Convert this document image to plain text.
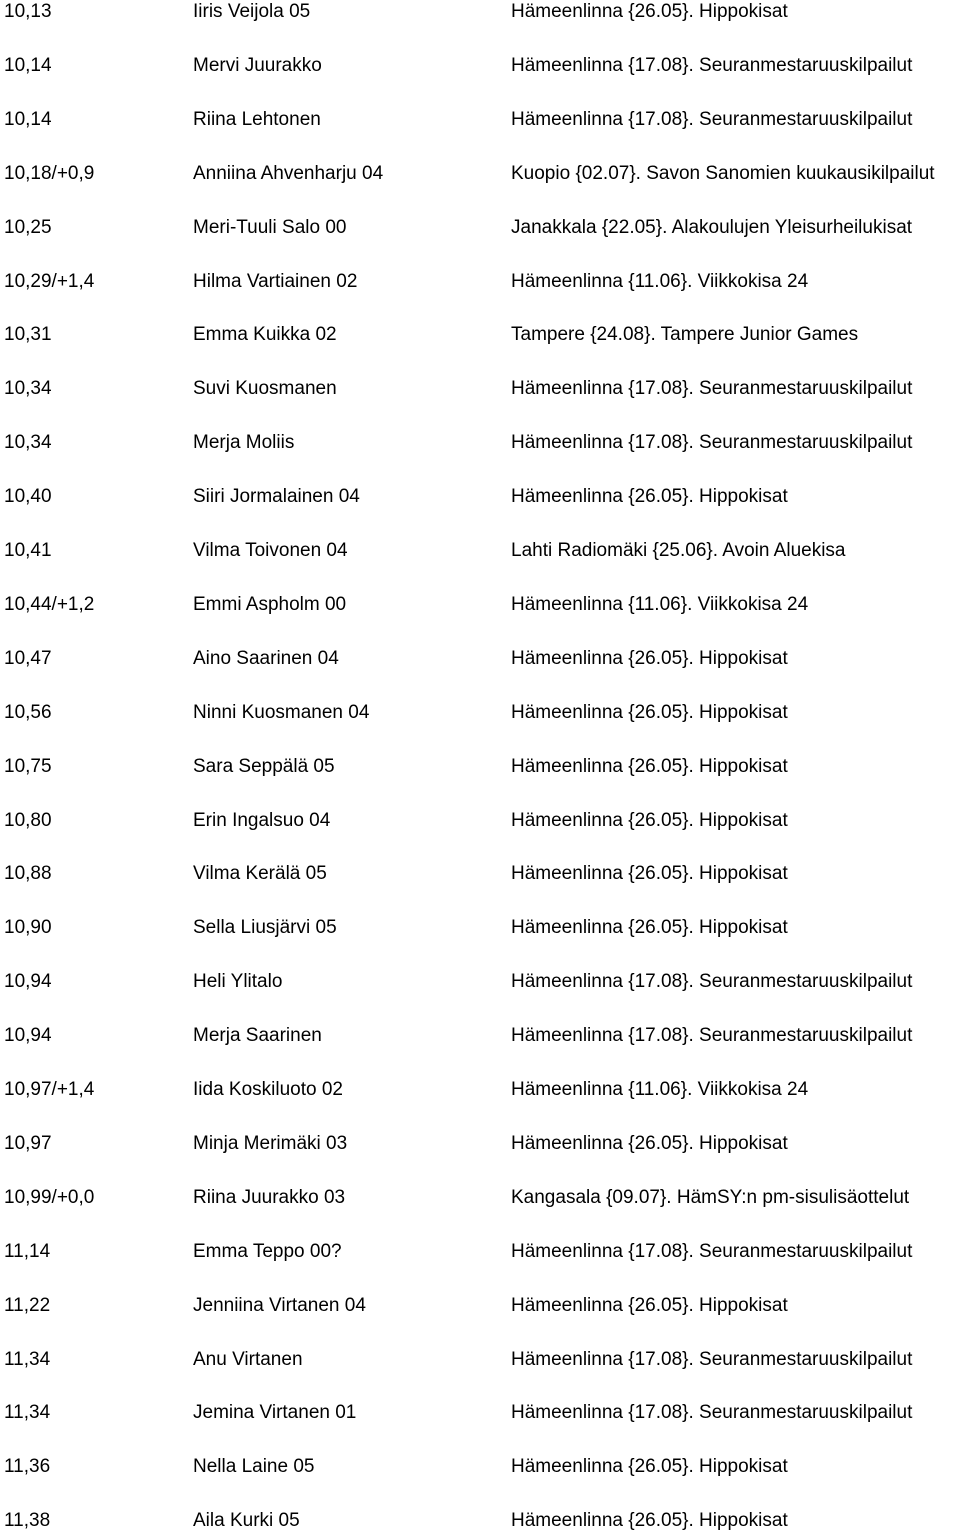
10,13	Iiris Veijola 05	Hämeenlinna {26.05}. Hippokisat
10,14	Mervi Juurakko	Hämeenlinna {17.08}. Seuranmestaruuskilpailut
10,14	Riina Lehtonen	Hämeenlinna {17.08}. Seuranmestaruuskilpailut
10,18/+0,9	Anniina Ahvenharju 04	Kuopio {02.07}. Savon Sanomien kuukausikilpailut
10,25	Meri-Tuuli Salo 00	Janakkala {22.05}. Alakoulujen Yleisurheilukisat
10,29/+1,4	Hilma Vartiainen 02	Hämeenlinna {11.06}. Viikkokisa 24
10,31	Emma Kuikka 02	Tampere {24.08}. Tampere Junior Games
10,34	Suvi Kuosmanen	Hämeenlinna {17.08}. Seuranmestaruuskilpailut
10,34	Merja Moliis	Hämeenlinna {17.08}. Seuranmestaruuskilpailut
10,40	Siiri Jormalainen 04	Hämeenlinna {26.05}. Hippokisat
10,41	Vilma Toivonen 04	Lahti Radiomäki {25.06}. Avoin Aluekisa
10,44/+1,2	Emmi Aspholm 00	Hämeenlinna {11.06}. Viikkokisa 24
10,47	Aino Saarinen 04	Hämeenlinna {26.05}. Hippokisat
10,56	Ninni Kuosmanen 04	Hämeenlinna {26.05}. Hippokisat
10,75	Sara Seppälä 05	Hämeenlinna {26.05}. Hippokisat
10,80	Erin Ingalsuo 04	Hämeenlinna {26.05}. Hippokisat
10,88	Vilma Kerälä 05	Hämeenlinna {26.05}. Hippokisat
10,90	Sella Liusjärvi 05	Hämeenlinna {26.05}. Hippokisat
10,94	Heli Ylitalo	Hämeenlinna {17.08}. Seuranmestaruuskilpailut
10,94	Merja Saarinen	Hämeenlinna {17.08}. Seuranmestaruuskilpailut
10,97/+1,4	Iida Koskiluoto 02	Hämeenlinna {11.06}. Viikkokisa 24
10,97	Minja Merimäki 03	Hämeenlinna {26.05}. Hippokisat
10,99/+0,0	Riina Juurakko 03	Kangasala {09.07}. HämSY:n pm-sisulisäottelut
11,14	Emma Teppo 00?	Hämeenlinna {17.08}. Seuranmestaruuskilpailut
11,22	Jenniina Virtanen 04	Hämeenlinna {26.05}. Hippokisat
11,34	Anu Virtanen	Hämeenlinna {17.08}. Seuranmestaruuskilpailut
11,34	Jemina Virtanen 01	Hämeenlinna {17.08}. Seuranmestaruuskilpailut
11,36	Nella Laine 05	Hämeenlinna {26.05}. Hippokisat
11,38	Aila Kurki 05	Hämeenlinna {26.05}. Hippokisat
